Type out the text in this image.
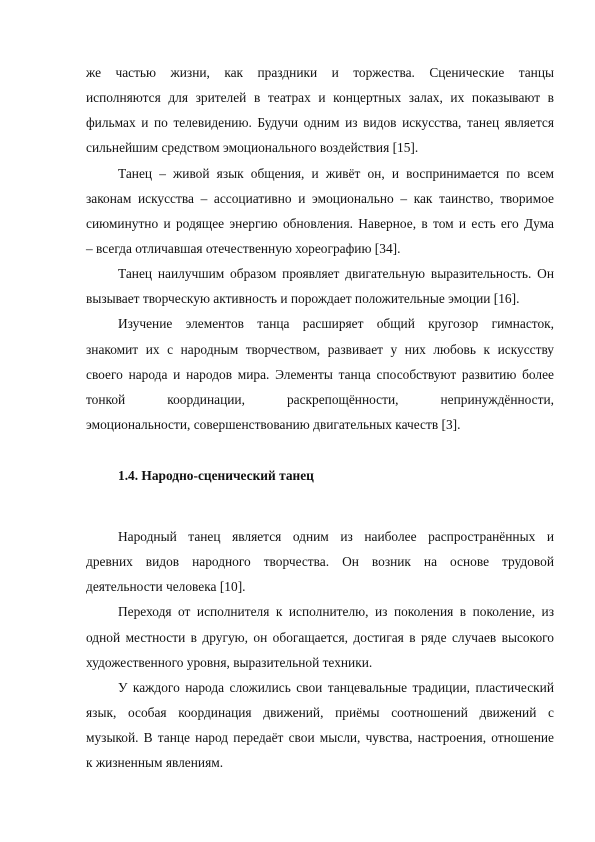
же частью жизни, как праздники и торжества. Сценические танцы
исполняются для зрителей в театрах и концертных залах, их показывают в
фильмах и по телевидению. Будучи одним из видов искусства, танец является
сильнейшим средством эмоционального воздействия [15].
Танец – живой язык общения, и живёт он, и воспринимается по всем
законам искусства – ассоциативно и эмоционально – как таинство, творимое
сиюминутно и родящее энергию обновления. Наверное, в том и есть его Дума
– всегда отличавшая отечественную хореографию [34].
Танец наилучшим образом проявляет двигательную выразительность. Он
вызывает творческую активность и порождает положительные эмоции [16].
Изучение элементов танца расширяет общий кругозор гимнасток,
знакомит их с народным творчеством, развивает у них любовь к искусству
своего народа и народов мира. Элементы танца способствуют развитию более
тонкой координации, раскрепощённости, непринуждённости,
эмоциональности, совершенствованию двигательных качеств [3].
1.4. Народно-сценический танец
Народный танец является одним из наиболее распространённых и
древних видов народного творчества. Он возник на основе трудовой
деятельности человека [10].
Переходя от исполнителя к исполнителю, из поколения в поколение, из
одной местности в другую, он обогащается, достигая в ряде случаев высокого
художественного уровня, выразительной техники.
У каждого народа сложились свои танцевальные традиции, пластический
язык, особая координация движений, приёмы соотношений движений с
музыкой. В танце народ передаёт свои мысли, чувства, настроения, отношение
к жизненным явлениям.
